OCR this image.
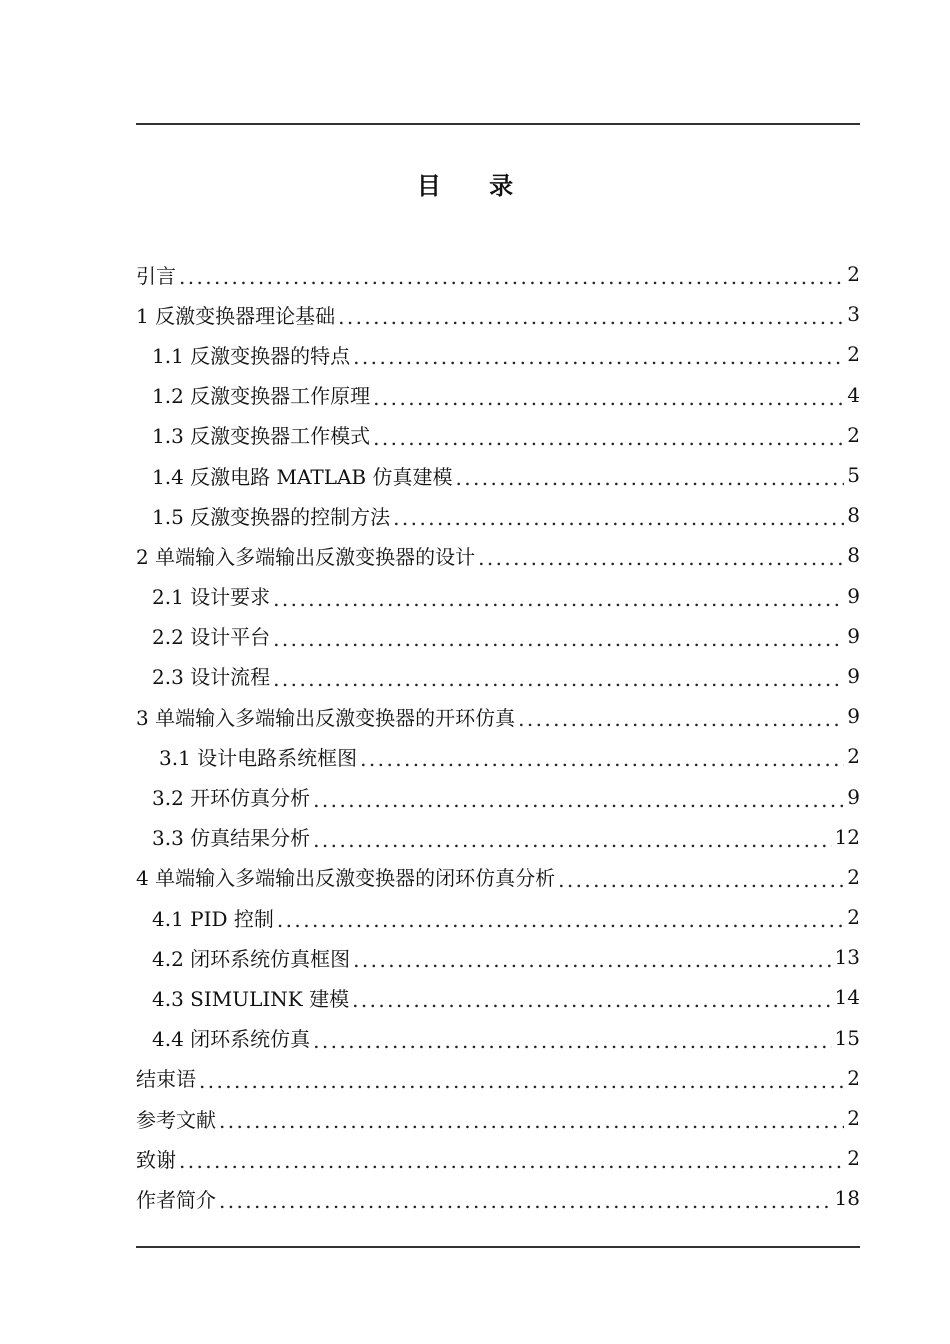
目 录
引言 .....	2
1 反激变换器理论基础 .....	3
1.1 反激变换器的特点 .....	2
1.2 反激变换器工作原理 .....	4
1.3 反激变换器工作模式 .....	2
1.4 反激电路 MATLAB 仿真建模 .....	5
1.5 反激变换器的控制方法 .....	8
2 单端输入多端输出反激变换器的设计 .....	8
2.1 设计要求 .....	9
2.2 设计平台 .....	9
2.3 设计流程 .....	9
3 单端输入多端输出反激变换器的开环仿真 .....	9
3.1 设计电路系统框图 .....	2
3.2 开环仿真分析 .....	9
3.3 仿真结果分析 .....	12
4 单端输入多端输出反激变换器的闭环仿真分析 .....	2
4.1 PID 控制 .....	2
4.2 闭环系统仿真框图 .....	13
4.3 SIMULINK 建模 .....	14
4.4 闭环系统仿真 .....	15
结束语 .....	2
参考文献 .....	2
致谢 .....	2
作者简介 .....	18
